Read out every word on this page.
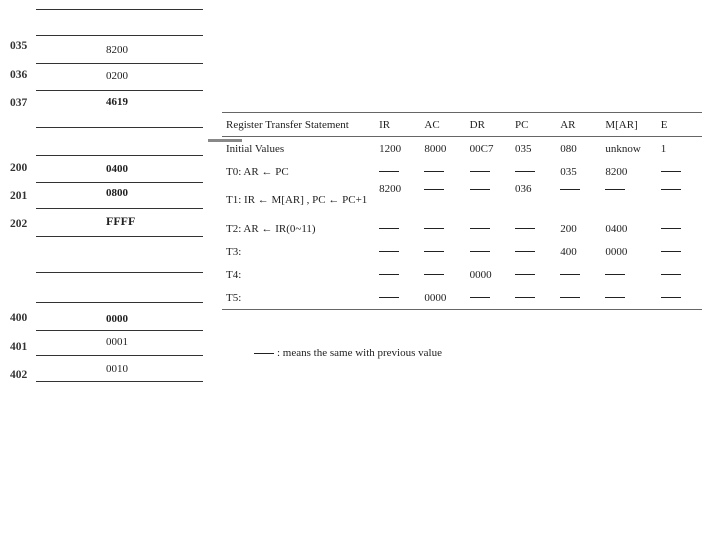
035	8200
036	0200
037	4619
200	0400
201	0800
202	FFFF
400	0000
401	0001
402	0010
Register Transfer Statement	IR	AC	DR	PC	AR	M[AR]	E
Initial Values	1200	8000	00C7	035	080	unknow	1
T0: AR ← PC					035	8200	
T1: IR ← M[AR] , PC ← PC+1	8200			036			
T2: AR ← IR(0~11)					200	0400	
T3:					400	0000	
T4:			0000				
T5:		0000					
: means the same with previous value
